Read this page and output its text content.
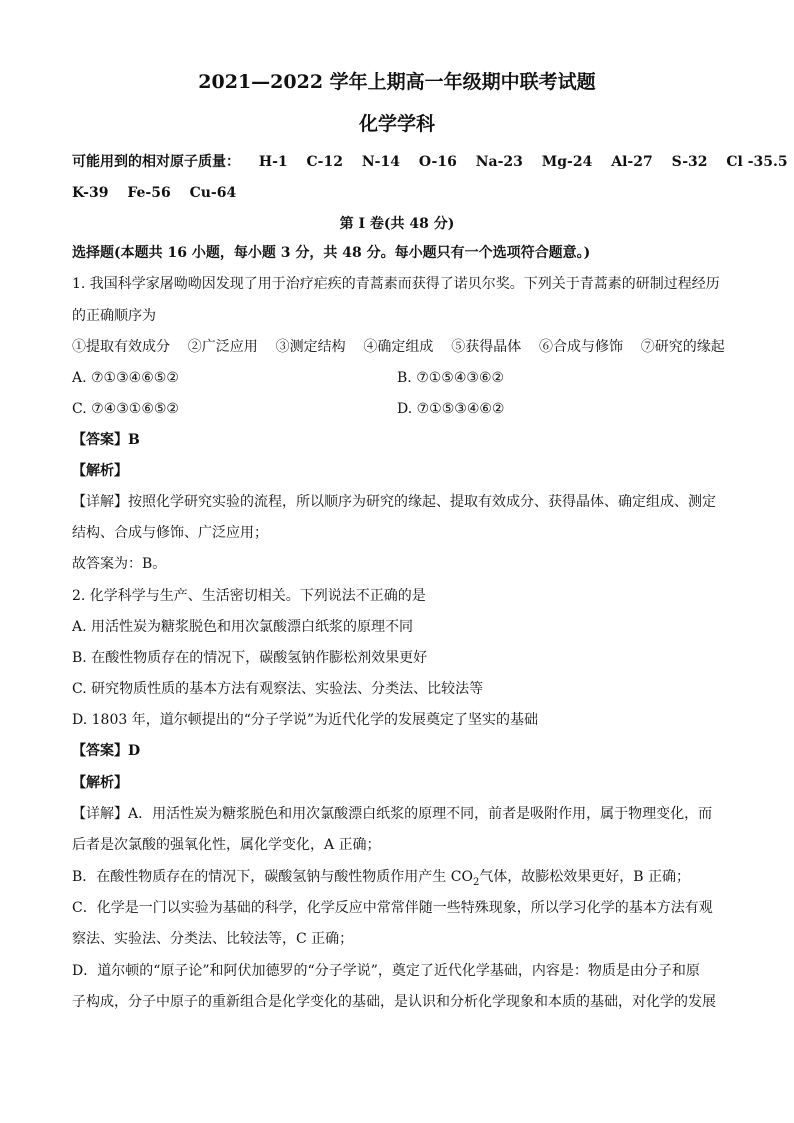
2021—2022 学年上期高一年级期中联考试题
化学学科
可能用到的相对原子质量： H-1 C-12 N-14 O-16 Na-23 Mg-24 Al-27 S-32 Cl -35.5
K-39 Fe-56 Cu-64
第 I 卷(共 48 分)
选择题(本题共 16 小题，每小题 3 分，共 48 分。每小题只有一个选项符合题意。)
1. 我国科学家屠呦呦因发现了用于治疗疟疾的青蒿素而获得了诺贝尔奖。下列关于青蒿素的研制过程经历
的正确顺序为
①提取有效成分    ②广泛应用    ③测定结构    ④确定组成    ⑤获得晶体    ⑥合成与修饰    ⑦研究的缘起
A. ⑦①③④⑥⑤②	B. ⑦①⑤④③⑥②
C. ⑦④③①⑥⑤②	D. ⑦①⑤③④⑥②
【答案】B
【解析】
【详解】按照化学研究实验的流程，所以顺序为研究的缘起、提取有效成分、获得晶体、确定组成、测定
结构、合成与修饰、广泛应用；
故答案为：B。
2. 化学科学与生产、生活密切相关。下列说法不正确的是
A. 用活性炭为糖浆脱色和用次氯酸漂白纸浆的原理不同
B. 在酸性物质存在的情况下，碳酸氢钠作膨松剂效果更好
C. 研究物质性质的基本方法有观察法、实验法、分类法、比较法等
D. 1803 年，道尔顿提出的“分子学说”为近代化学的发展奠定了坚实的基础
【答案】D
【解析】
【详解】A．用活性炭为糖浆脱色和用次氯酸漂白纸浆的原理不同，前者是吸附作用，属于物理变化，而
后者是次氯酸的强氧化性，属化学变化，A 正确；
B．在酸性物质存在的情况下，碳酸氢钠与酸性物质作用产生 $CO_2$气体，故膨松效果更好，B 正确；
C．化学是一门以实验为基础的科学，化学反应中常常伴随一些特殊现象，所以学习化学的基本方法有观
察法、实验法、分类法、比较法等，C 正确；
D．道尔顿的“原子论”和阿伏加德罗的“分子学说”，奠定了近代化学基础，内容是：物质是由分子和原
子构成，分子中原子的重新组合是化学变化的基础，是认识和分析化学现象和本质的基础，对化学的发展
